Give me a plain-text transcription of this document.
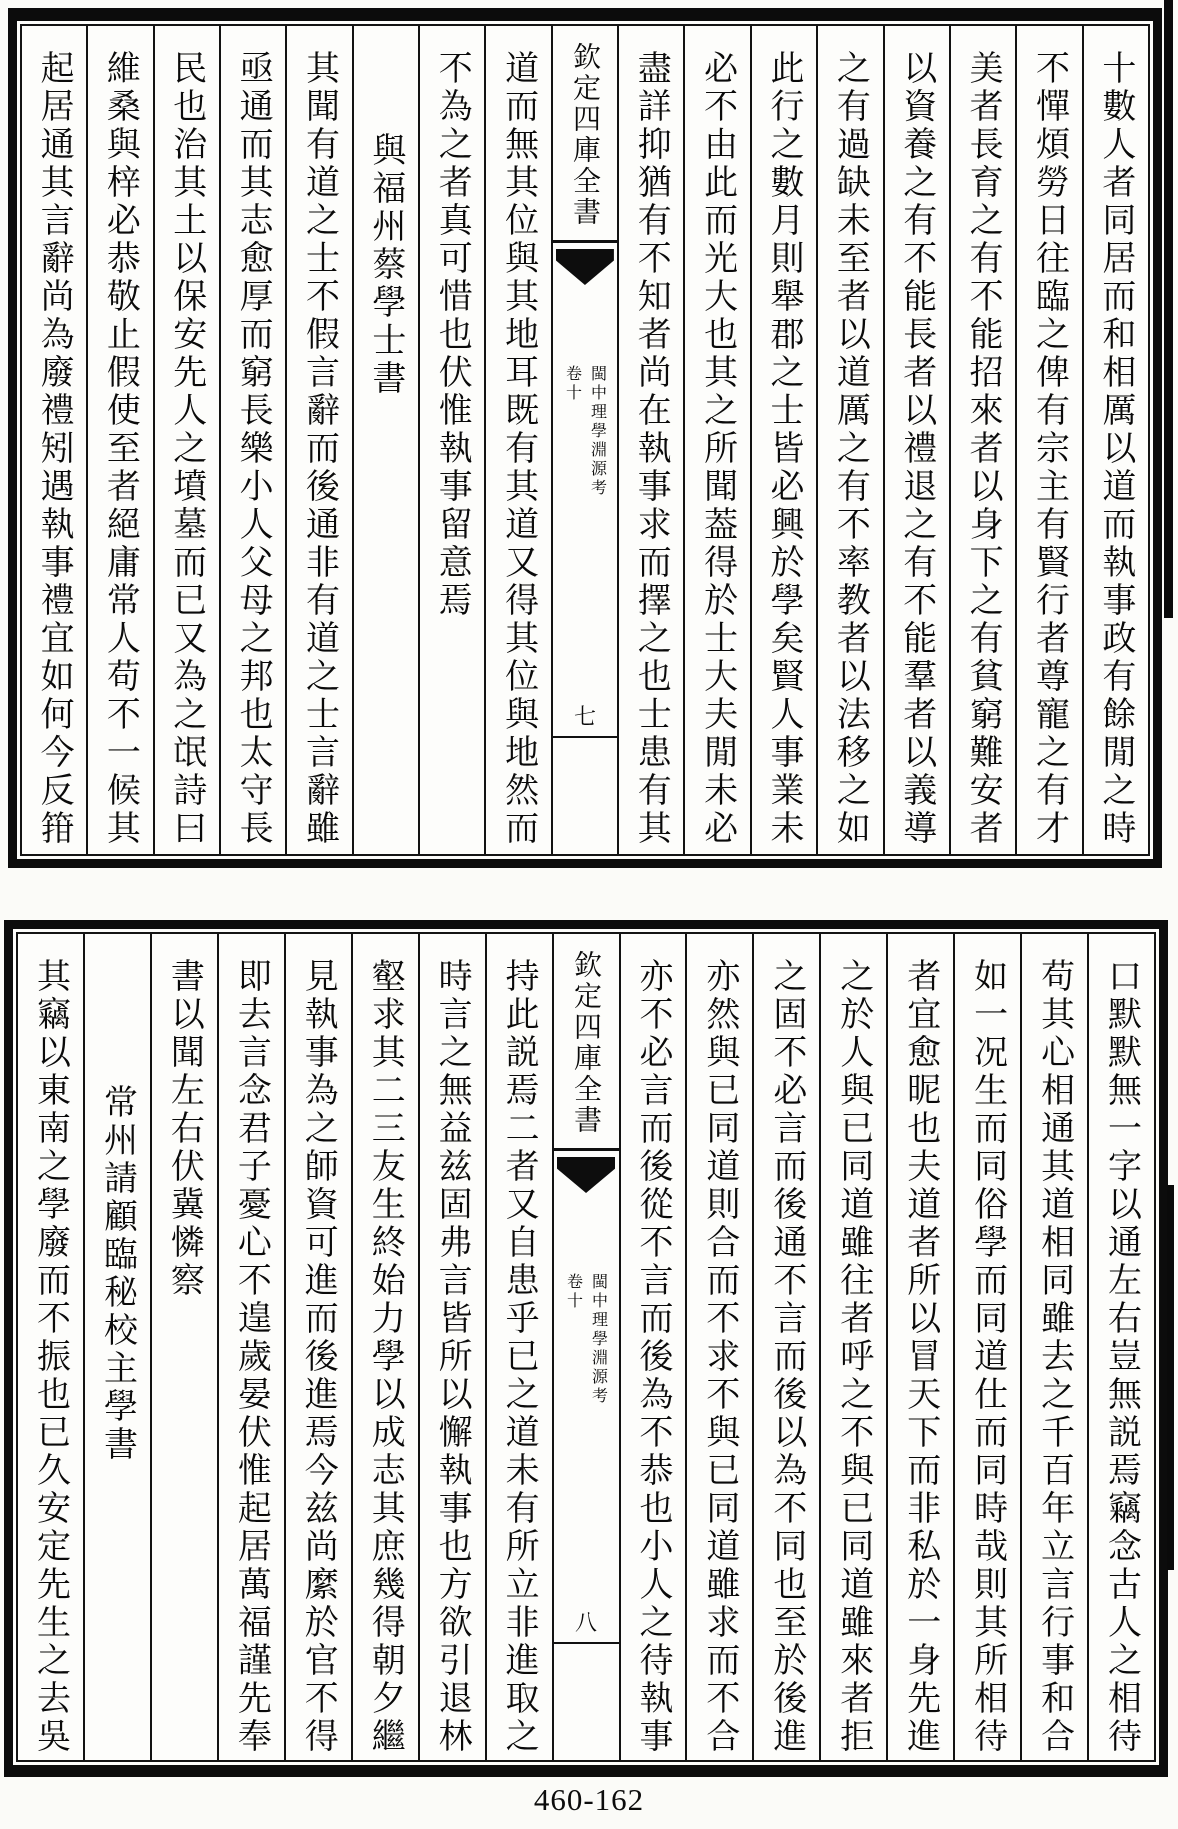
十數人者同居而和相厲以道而執事政有餘閒之時
不憚煩勞日往臨之俾有宗主有賢行者尊寵之有才
美者長育之有不能招來者以身下之有貧窮難安者
以資養之有不能長者以禮退之有不能羣者以義導
之有過缺未至者以道厲之有不率教者以法移之如
此行之數月則舉郡之士皆必興於學矣賢人事業未
必不由此而光大也其之所聞葢得於士大夫閒未必
盡詳抑猶有不知者尚在執事求而擇之也士患有其
欽定四庫全書
卷十 閩中理學淵源考
七
道而無其位與其地耳既有其道又得其位與地然而
不為之者真可惜也伏惟執事留意焉
與福州蔡學士書
其聞有道之士不假言辭而後通非有道之士言辭雖
亟通而其志愈厚而窮長樂小人父母之邦也太守長
民也治其土以保安先人之墳墓而已又為之氓詩曰
維桑與梓必恭敬止假使至者絕庸常人苟不一候其
起居通其言辭尚為廢禮矧遇執事禮宜如何今反箝
口默默無一字以通左右豈無説焉竊念古人之相待
苟其心相通其道相同雖去之千百年立言行事和合
如一况生而同俗學而同道仕而同時哉則其所相待
者宜愈昵也夫道者所以冒天下而非私於一身先進
之於人與已同道雖往者呼之不與已同道雖來者拒
之固不必言而後通不言而後以為不同也至於後進
亦然與已同道則合而不求不與已同道雖求而不合
亦不必言而後從不言而後為不恭也小人之待執事
欽定四庫全書
卷十 閩中理學淵源考
八
持此説焉二者又自患乎已之道未有所立非進取之
時言之無益兹固弗言皆所以懈執事也方欲引退林
壑求其二三友生終始力學以成志其庶幾得朝夕繼
見執事為之師資可進而後進焉今兹尚縻於官不得
即去言念君子憂心不遑歲晏伏惟起居萬福謹先奉
書以聞左右伏冀憐察
常州請顧臨秘校主學書
其竊以東南之學廢而不振也已久安定先生之去吳
460-162
